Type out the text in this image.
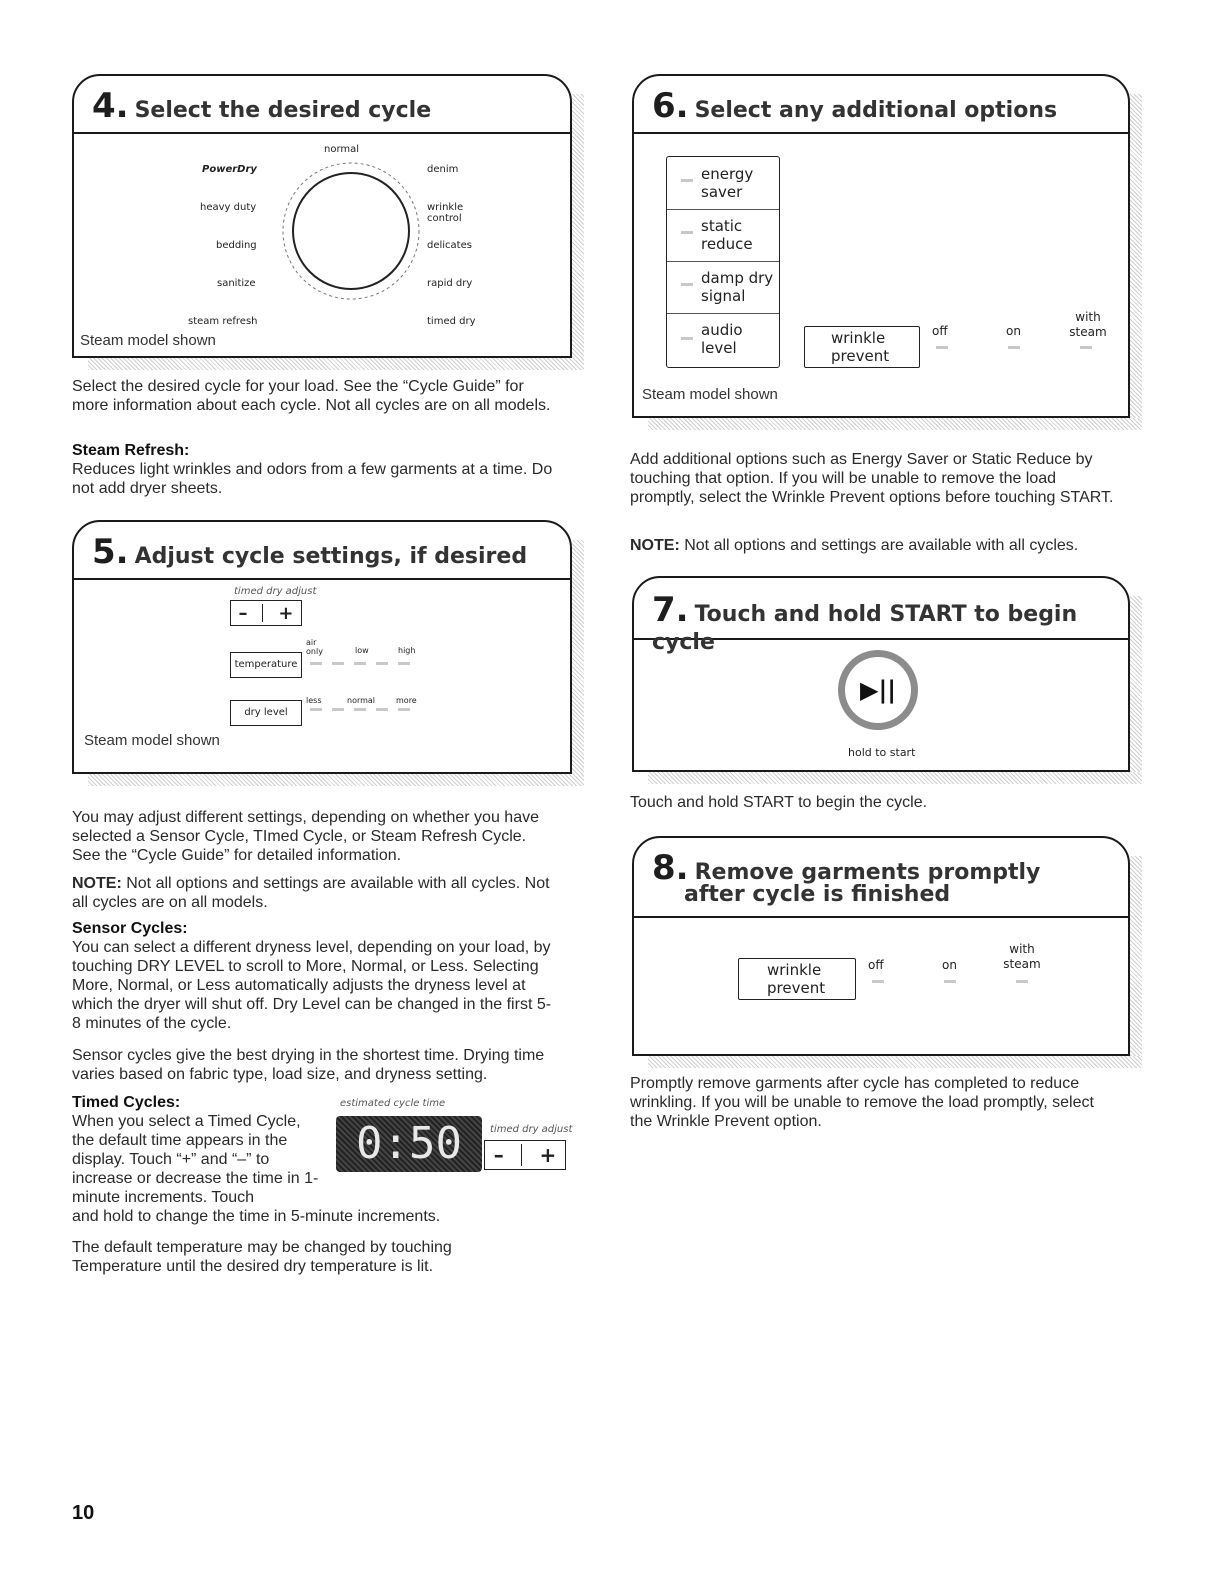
4. Select the desired cycle
normal
PowerDry
heavy duty
bedding
sanitize
steam refresh
denim
wrinkle control
delicates
rapid dry
timed dry
Steam model shown
Select the desired cycle for your load. See the “Cycle Guide” for more information about each cycle. Not all cycles are on all models.
Steam Refresh:
Reduces light wrinkles and odors from a few garments at a time. Do not add dryer sheets.
5. Adjust cycle settings, if desired
timed dry adjust
– +
temperature
air only	low	high
dry level
less	normal	more
Steam model shown
You may adjust different settings, depending on whether you have selected a Sensor Cycle, TImed Cycle, or Steam Refresh Cycle. See the “Cycle Guide” for detailed information.
NOTE: Not all options and settings are available with all cycles. Not all cycles are on all models.
Sensor Cycles:
You can select a different dryness level, depending on your load, by touching DRY LEVEL to scroll to More, Normal, or Less. Selecting More, Normal, or Less automatically adjusts the dryness level at which the dryer will shut off. Dry Level can be changed in the first 5-8 minutes of the cycle.
Sensor cycles give the best drying in the shortest time. Drying time varies based on fabric type, load size, and dryness setting.
Timed Cycles:
When you select a Timed Cycle, the default time appears in the display. Touch “+” and “–” to increase or decrease the time in 1-minute increments. Touch
and hold to change the time in 5-minute increments.
estimated cycle time
0:50	timed dry adjust
– +
The default temperature may be changed by touching Temperature until the desired dry temperature is lit.
6. Select any additional options
energy saver
static reduce
damp dry signal
audio level
wrinkle prevent
off	on
with steam
Steam model shown
Add additional options such as Energy Saver or Static Reduce by touching that option. If you will be unable to remove the load promptly, select the Wrinkle Prevent options before touching START.
NOTE: Not all options and settings are available with all cycles.
7. Touch and hold START to begin cycle
▶||
hold to start
Touch and hold START to begin the cycle.
8. Remove garments promptly
after cycle is finished
wrinkle prevent
off	on
with steam
Promptly remove garments after cycle has completed to reduce wrinkling. If you will be unable to remove the load promptly, select the Wrinkle Prevent option.
10
